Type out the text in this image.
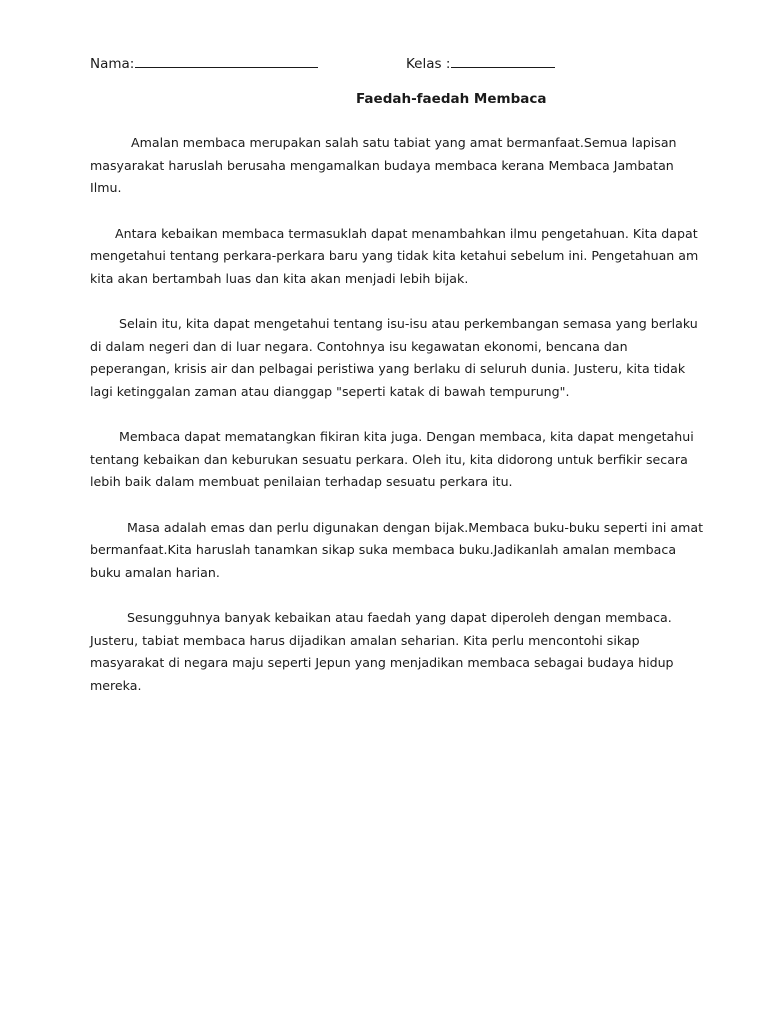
Nama:	Kelas :
Faedah-faedah Membaca
Amalan membaca merupakan salah satu tabiat yang amat bermanfaat.Semua lapisan masyarakat haruslah berusaha mengamalkan budaya membaca kerana Membaca Jambatan Ilmu.
Antara kebaikan membaca termasuklah dapat menambahkan ilmu pengetahuan. Kita dapat mengetahui tentang perkara-perkara baru yang tidak kita ketahui sebelum ini. Pengetahuan am kita akan bertambah luas dan kita akan menjadi lebih bijak.
Selain itu, kita dapat mengetahui tentang isu-isu atau perkembangan semasa yang berlaku di dalam negeri dan di luar negara. Contohnya isu kegawatan ekonomi, bencana dan peperangan, krisis air dan pelbagai peristiwa yang berlaku di seluruh dunia. Justeru, kita tidak lagi ketinggalan zaman atau dianggap "seperti katak di bawah tempurung".
Membaca dapat mematangkan fikiran kita juga. Dengan membaca, kita dapat mengetahui tentang kebaikan dan keburukan sesuatu perkara. Oleh itu, kita didorong untuk berfikir secara lebih baik dalam membuat penilaian terhadap sesuatu perkara itu.
Masa adalah emas dan perlu digunakan dengan bijak.Membaca buku-buku seperti ini amat bermanfaat.Kita haruslah tanamkan sikap suka membaca buku.Jadikanlah amalan membaca buku amalan harian.
Sesungguhnya banyak kebaikan atau faedah yang dapat diperoleh dengan membaca. Justeru, tabiat membaca harus dijadikan amalan seharian. Kita perlu mencontohi sikap masyarakat di negara maju seperti Jepun yang menjadikan membaca sebagai budaya hidup mereka.
